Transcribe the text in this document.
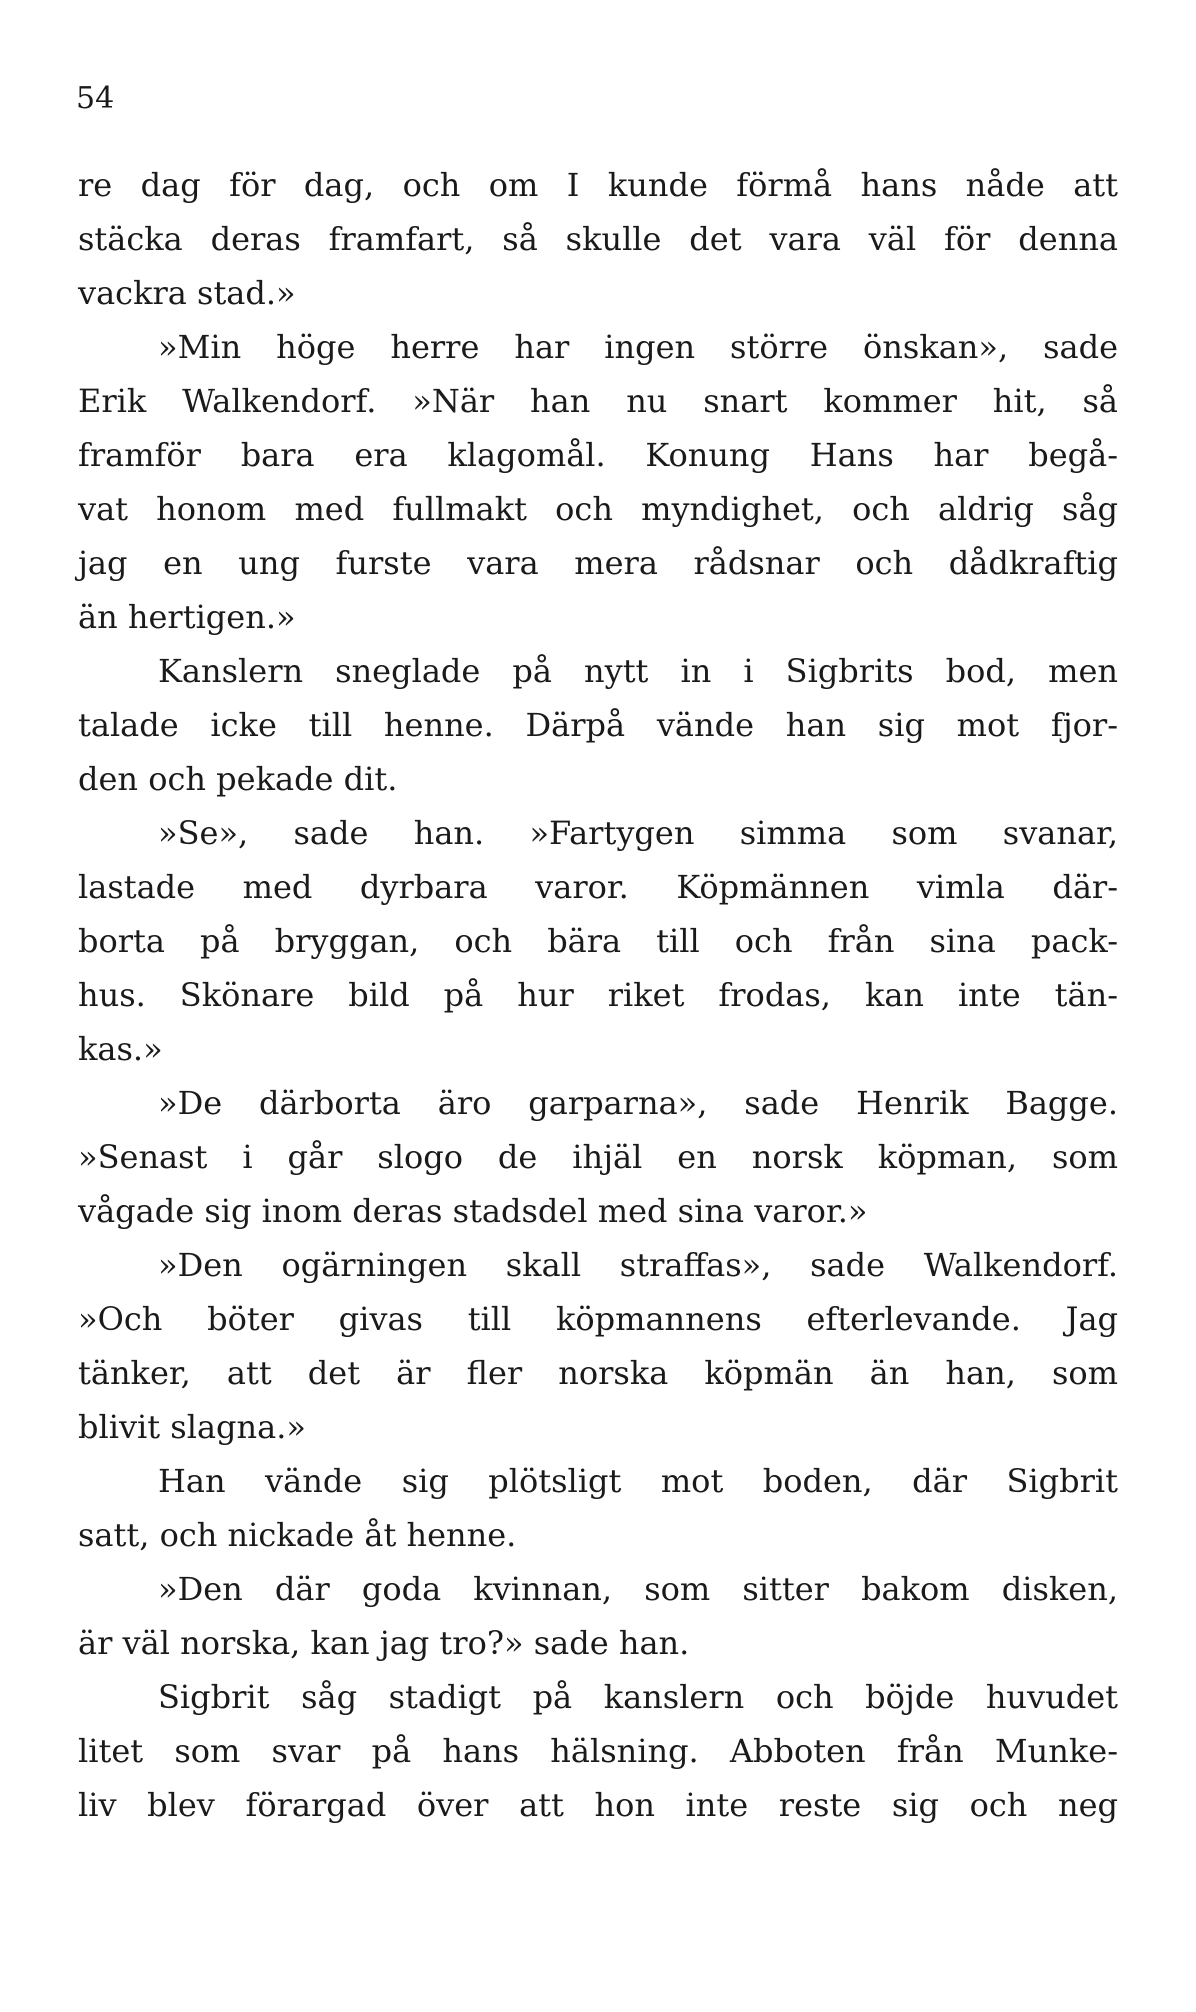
54
re dag för dag, och om I kunde förmå hans nåde att
stäcka deras framfart, så skulle det vara väl för denna
vackra stad.»
»Min höge herre har ingen större önskan», sade
Erik Walkendorf. »När han nu snart kommer hit, så
framför bara era klagomål. Konung Hans har begå-
vat honom med fullmakt och myndighet, och aldrig såg
jag en ung furste vara mera rådsnar och dådkraftig
än hertigen.»
Kanslern sneglade på nytt in i Sigbrits bod, men
talade icke till henne. Därpå vände han sig mot fjor-
den och pekade dit.
»Se», sade han. »Fartygen simma som svanar,
lastade med dyrbara varor. Köpmännen vimla där-
borta på bryggan, och bära till och från sina pack-
hus. Skönare bild på hur riket frodas, kan inte tän-
kas.»
»De därborta äro garparna», sade Henrik Bagge.
»Senast i går slogo de ihjäl en norsk köpman, som
vågade sig inom deras stadsdel med sina varor.»
»Den ogärningen skall straffas», sade Walkendorf.
»Och böter givas till köpmannens efterlevande. Jag
tänker, att det är fler norska köpmän än han, som
blivit slagna.»
Han vände sig plötsligt mot boden, där Sigbrit
satt, och nickade åt henne.
»Den där goda kvinnan, som sitter bakom disken,
är väl norska, kan jag tro?» sade han.
Sigbrit såg stadigt på kanslern och böjde huvudet
litet som svar på hans hälsning. Abboten från Munke-
liv blev förargad över att hon inte reste sig och neg
